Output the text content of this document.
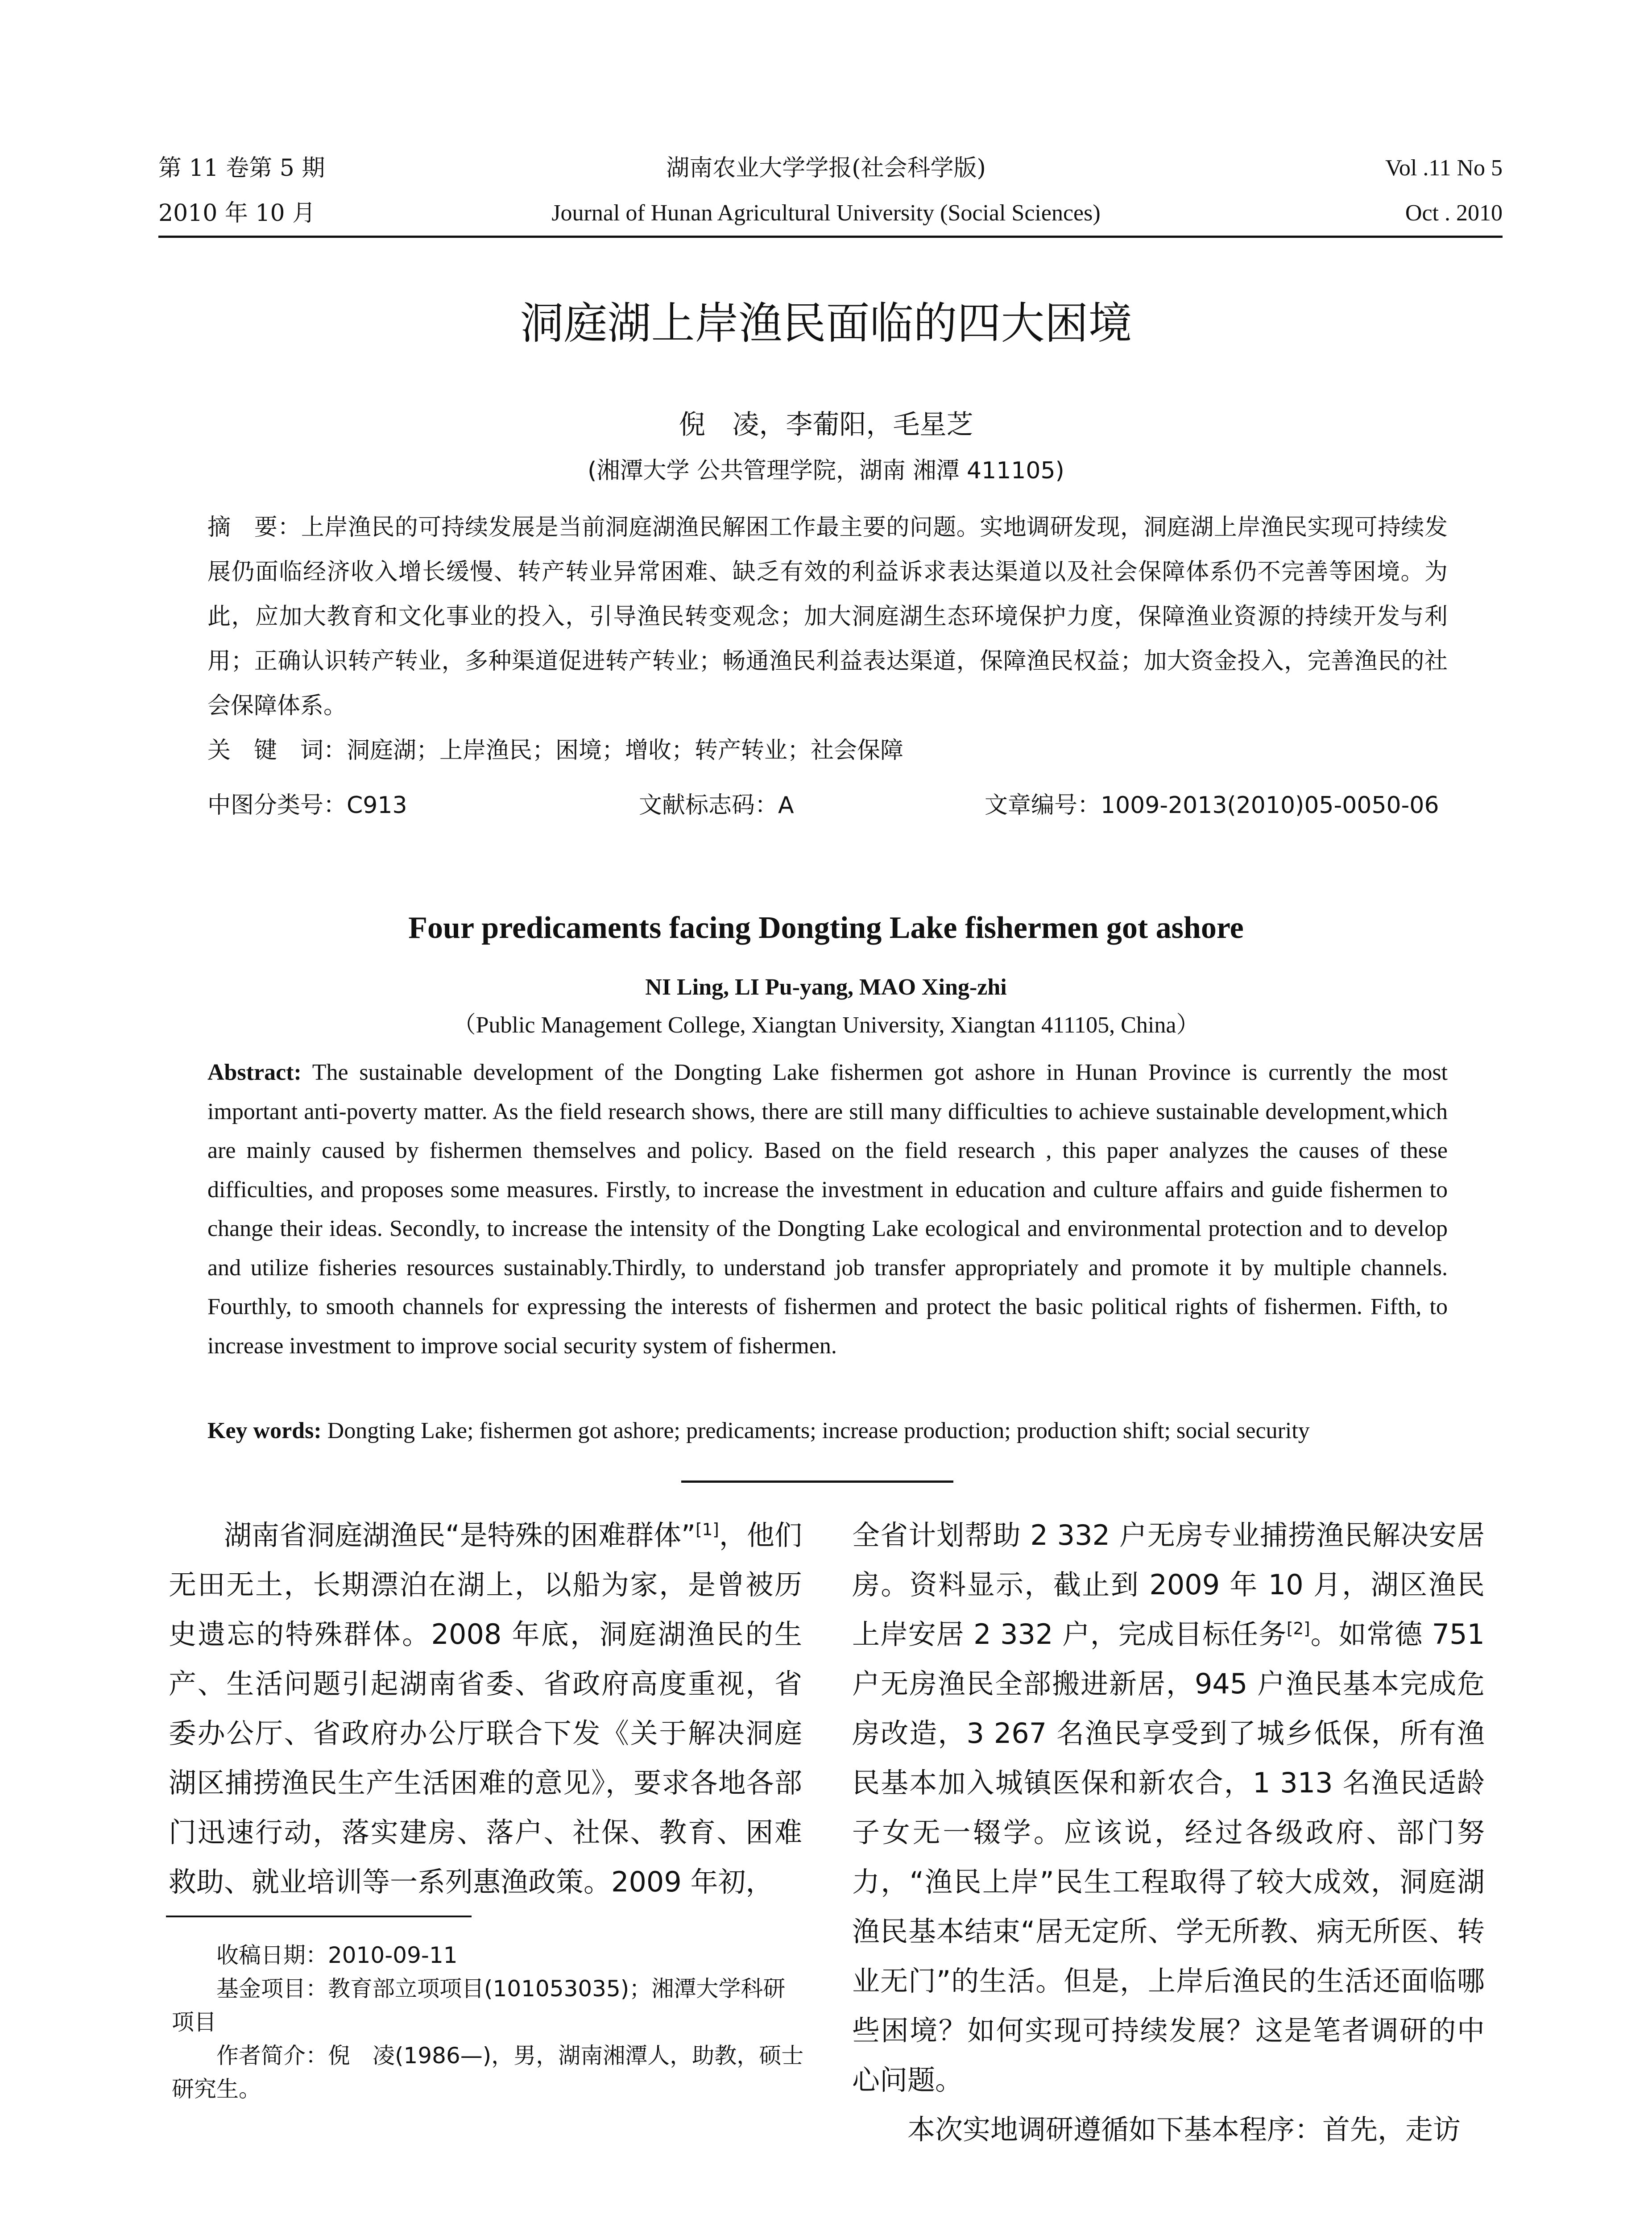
第 11 卷第 5 期	湖南农业大学学报(社会科学版)	Vol .11 No 5
2010 年 10 月	Journal of Hunan Agricultural University (Social Sciences)	Oct . 2010
洞庭湖上岸渔民面临的四大困境
倪　凌，李葡阳，毛星芝
(湘潭大学 公共管理学院，湖南 湘潭 411105)
摘　要：上岸渔民的可持续发展是当前洞庭湖渔民解困工作最主要的问题。实地调研发现，洞庭湖上岸渔民实现可持续发展仍面临经济收入增长缓慢、转产转业异常困难、缺乏有效的利益诉求表达渠道以及社会保障体系仍不完善等困境。为此，应加大教育和文化事业的投入，引导渔民转变观念；加大洞庭湖生态环境保护力度，保障渔业资源的持续开发与利用；正确认识转产转业，多种渠道促进转产转业；畅通渔民利益表达渠道，保障渔民权益；加大资金投入，完善渔民的社会保障体系。
关　键　词：洞庭湖；上岸渔民；困境；增收；转产转业；社会保障
中图分类号：C913	文献标志码：A	文章编号：1009-2013(2010)05-0050-06
Four predicaments facing Dongting Lake fishermen got ashore
NI Ling, LI Pu-yang, MAO Xing-zhi
（Public Management College, Xiangtan University, Xiangtan 411105, China）
Abstract: The sustainable development of the Dongting Lake fishermen got ashore in Hunan Province is currently the most important anti-poverty matter. As the field research shows, there are still many difficulties to achieve sustainable development,which are mainly caused by fishermen themselves and policy. Based on the field research , this paper analyzes the causes of these difficulties, and proposes some measures. Firstly, to increase the investment in education and culture affairs and guide fishermen to change their ideas. Secondly, to increase the intensity of the Dongting Lake ecological and environmental protection and to develop and utilize fisheries resources sustainably.Thirdly, to understand job transfer appropriately and promote it by multiple channels. Fourthly, to smooth channels for expressing the interests of fishermen and protect the basic political rights of fishermen. Fifth, to increase investment to improve social security system of fishermen.
Key words: Dongting Lake; fishermen got ashore; predicaments; increase production; production shift; social security

湖南省洞庭湖渔民“是特殊的困难群体”[1]，他们无田无土，长期漂泊在湖上，以船为家，是曾被历史遗忘的特殊群体。2008 年底，洞庭湖渔民的生产、生活问题引起湖南省委、省政府高度重视，省委办公厅、省政府办公厅联合下发《关于解决洞庭湖区捕捞渔民生产生活困难的意见》，要求各地各部门迅速行动，落实建房、落户、社保、教育、困难救助、就业培训等一系列惠渔政策。2009 年初，

收稿日期：2010-09-11

基金项目：教育部立项项目(101053035)；湘潭大学科研项目

作者简介：倪　凌(1986—)，男，湖南湘潭人，助教，硕士研究生。

全省计划帮助 2 332 户无房专业捕捞渔民解决安居房。资料显示，截止到 2009 年 10 月，湖区渔民上岸安居 2 332 户，完成目标任务[2]。如常德 751 户无房渔民全部搬进新居，945 户渔民基本完成危房改造，3 267 名渔民享受到了城乡低保，所有渔民基本加入城镇医保和新农合，1 313 名渔民适龄子女无一辍学。应该说，经过各级政府、部门努力，“渔民上岸”民生工程取得了较大成效，洞庭湖渔民基本结束“居无定所、学无所教、病无所医、转业无门”的生活。但是，上岸后渔民的生活还面临哪些困境？如何实现可持续发展？这是笔者调研的中心问题。

本次实地调研遵循如下基本程序：首先，走访
